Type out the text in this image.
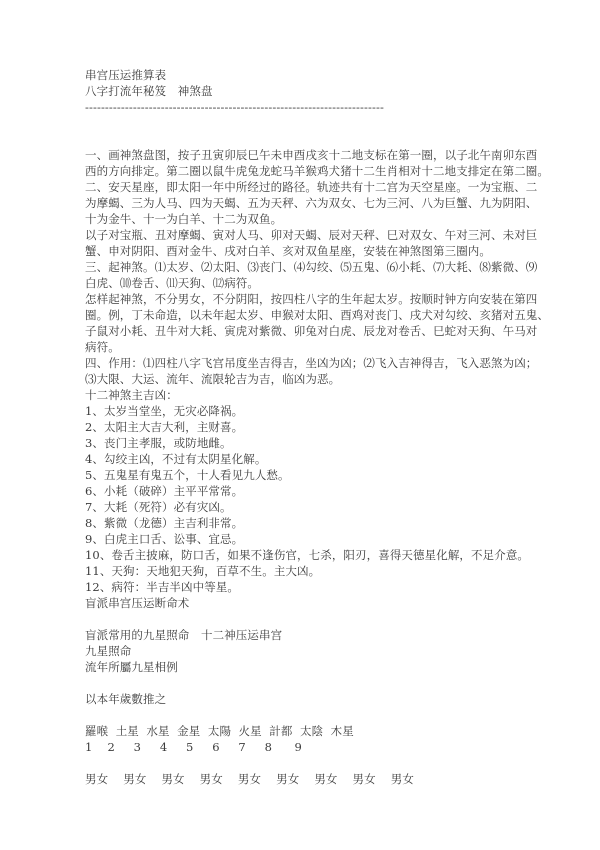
串宫压运推算表
八字打流年秘笈　神煞盘
---------------------------------------------------------------------------
一、画神煞盘图，按子丑寅卯辰巳午未申酉戌亥十二地支标在第一圈，以子北午南卯东酉
西的方向排定。第二圈以鼠牛虎兔龙蛇马羊猴鸡犬猪十二生肖相对十二地支排定在第二圈。
二、安天星座，即太阳一年中所经过的路径。轨迹共有十二宫为天空星座。一为宝瓶、二
为摩蝎、三为人马、四为天蝎、五为天秤、六为双女、七为三河、八为巨蟹、九为阴阳、
十为金牛、十一为白羊、十二为双鱼。
以子对宝瓶、丑对摩蝎、寅对人马、卯对天蝎、辰对天秤、巳对双女、午对三河、未对巨
蟹、申对阴阳、酉对金牛、戌对白羊、亥对双鱼星座，安装在神煞图第三圈内。
三、起神煞。⑴太岁、⑵太阳、⑶丧门、⑷勾绞、⑸五鬼、⑹小耗、⑺大耗、⑻紫微、⑼
白虎、⑽卷舌、⑾天狗、⑿病符。
怎样起神煞，不分男女，不分阴阳，按四柱八字的生年起太岁。按顺时钟方向安装在第四
圈。例，丁未命造，以未年起太岁、申猴对太阳、酉鸡对丧门、戌犬对勾绞、亥猪对五鬼、
子鼠对小耗、丑牛对大耗、寅虎对紫微、卯兔对白虎、辰龙对卷舌、巳蛇对天狗、午马对
病符。
四、作用：⑴四柱八字飞宫吊度坐吉得吉，坐凶为凶；⑵飞入吉神得吉，飞入恶煞为凶；
⑶大限、大运、流年、流限轮吉为吉，临凶为恶。
十二神煞主吉凶：
1、太岁当堂坐，无灾必降祸。
2、太阳主大吉大利，主财喜。
3、丧门主孝服，或防地雌。
4、勾绞主凶，不过有太阴星化解。
5、五鬼星有鬼五个，十人看见九人愁。
6、小耗（破碎）主平平常常。
7、大耗（死符）必有灾凶。
8、紫微（龙德）主吉利非常。
9、白虎主口舌、讼事、宜忌。
10、卷舌主披麻，防口舌，如果不逢伤官，七杀，阳刃，喜得天德星化解，不足介意。
11、天狗：天地犯天狗，百草不生。主大凶。
12、病符：半吉半凶中等星。
盲派串宫压运断命术
盲派常用的九星照命　十二神压运串宫
九星照命
流年所屬九星相例
以本年歲數推之
羅喉  土星  水星  金星  太陽  火星  計都  太陰  木星
1    2     3     4     5     6     7     8      9
男女    男女    男女    男女    男女    男女    男女    男女    男女
